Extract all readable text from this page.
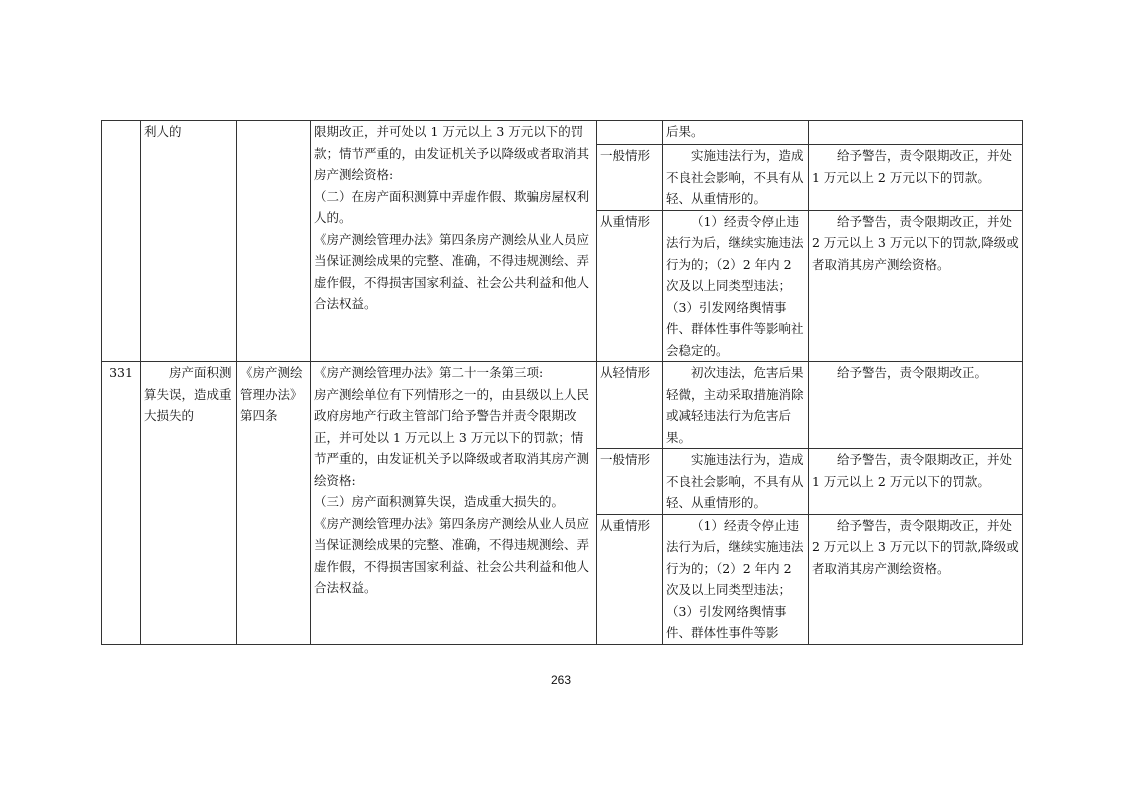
	利人的		限期改正，并可处以 1 万元以上 3 万元以下的罚款；情节严重的，由发证机关予以降级或者取消其房产测绘资格:
（二）在房产面积测算中弄虚作假、欺骗房屋权利人的。
《房产测绘管理办法》第四条房产测绘从业人员应当保证测绘成果的完整、准确，不得违规测绘、弄虚作假，不得损害国家利益、社会公共利益和他人合法权益。		后果。	
				一般情形	实施违法行为，造成不良社会影响，不具有从轻、从重情形的。	给予警告，责令限期改正，并处 1 万元以上 2 万元以下的罚款。
				从重情形	（1）经责令停止违法行为后，继续实施违法行为的；（2）2 年内 2 次及以上同类型违法；（3）引发网络舆情事件、群体性事件等影响社会稳定的。	给予警告，责令限期改正，并处 2 万元以上 3 万元以下的罚款,降级或者取消其房产测绘资格。
331	房产面积测算失误，造成重大损失的	《房产测绘管理办法》第四条	《房产测绘管理办法》第二十一条第三项:
房产测绘单位有下列情形之一的，由县级以上人民政府房地产行政主管部门给予警告并责令限期改正，并可处以 1 万元以上 3 万元以下的罚款；情节严重的，由发证机关予以降级或者取消其房产测绘资格:
（三）房产面积测算失误，造成重大损失的。
《房产测绘管理办法》第四条房产测绘从业人员应当保证测绘成果的完整、准确，不得违规测绘、弄虚作假，不得损害国家利益、社会公共利益和他人合法权益。	从轻情形	初次违法，危害后果轻微，主动采取措施消除或减轻违法行为危害后果。	给予警告，责令限期改正。
				一般情形	实施违法行为，造成不良社会影响，不具有从轻、从重情形的。	给予警告，责令限期改正，并处 1 万元以上 2 万元以下的罚款。
				从重情形	（1）经责令停止违法行为后，继续实施违法行为的；（2）2 年内 2 次及以上同类型违法；（3）引发网络舆情事件、群体性事件等影	给予警告，责令限期改正，并处 2 万元以上 3 万元以下的罚款,降级或者取消其房产测绘资格。
263
